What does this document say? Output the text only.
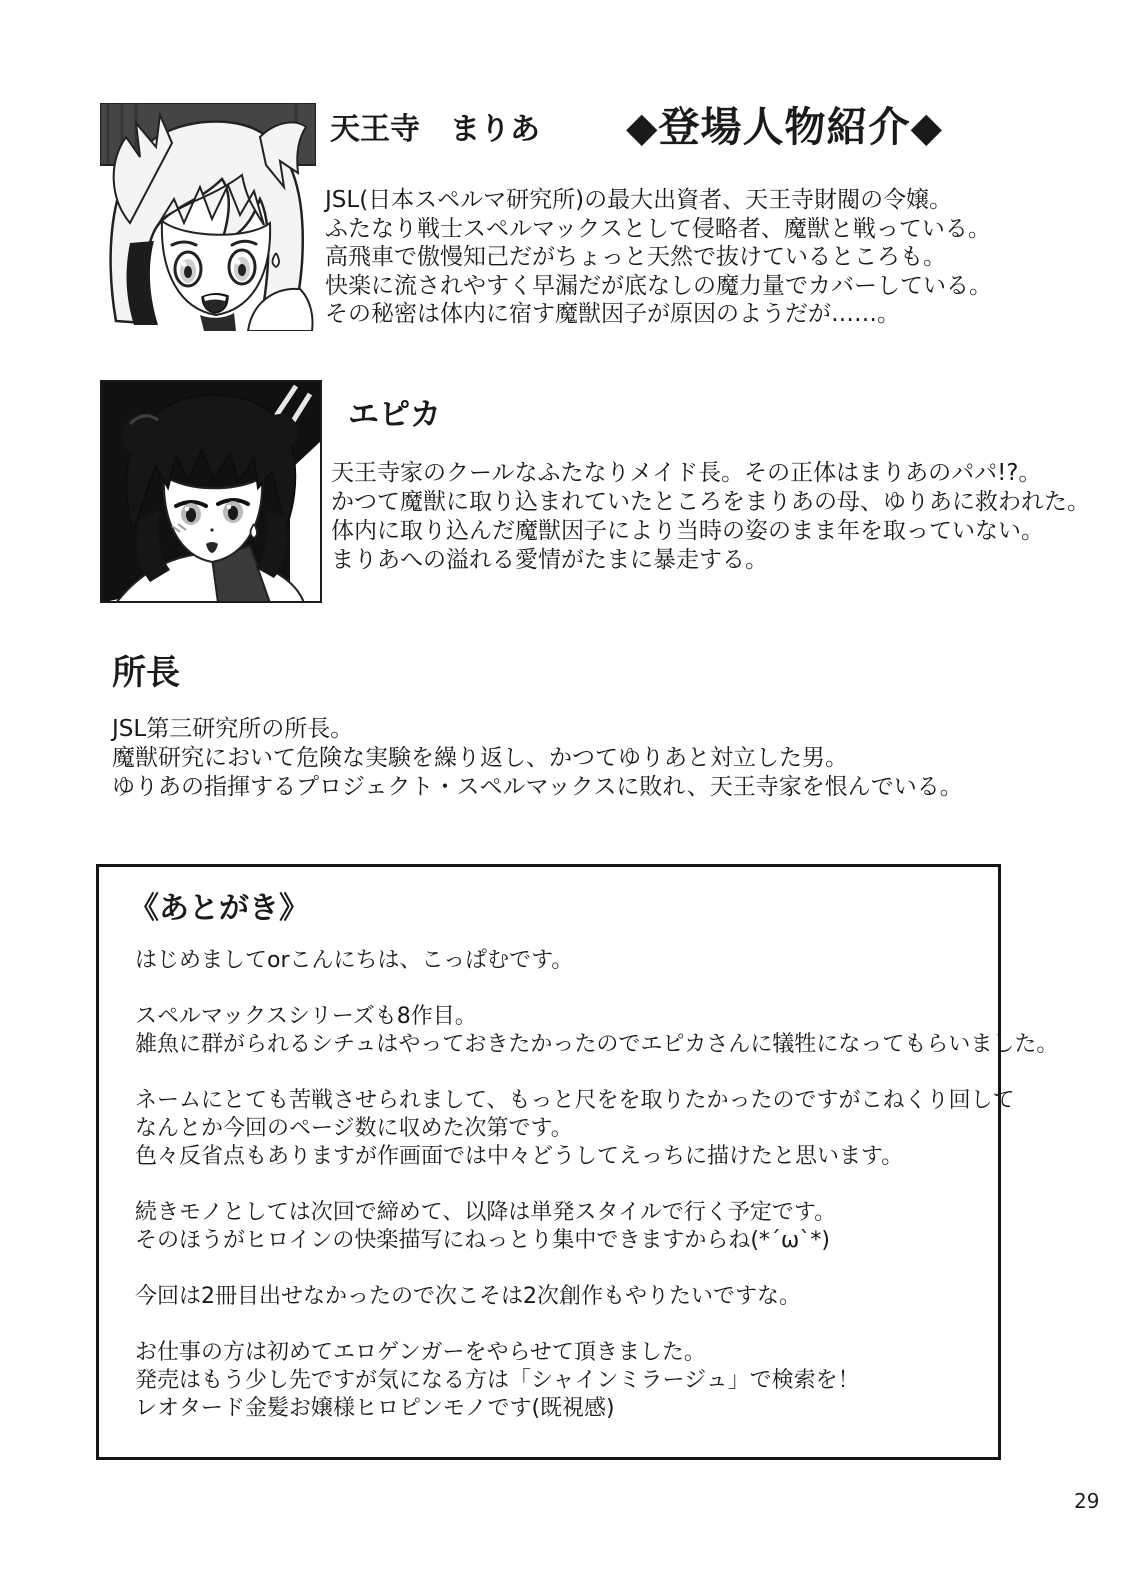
◆登場人物紹介◆
天王寺　まりあ
JSL(日本スペルマ研究所)の最大出資者、天王寺財閥の令嬢。
ふたなり戦士スペルマックスとして侵略者、魔獣と戦っている。
高飛車で傲慢知己だがちょっと天然で抜けているところも。
快楽に流されやすく早漏だが底なしの魔力量でカバーしている。
その秘密は体内に宿す魔獣因子が原因のようだが……。
エピカ
天王寺家のクールなふたなりメイド長。その正体はまりあのパパ!?。
かつて魔獣に取り込まれていたところをまりあの母、ゆりあに救われた。
体内に取り込んだ魔獣因子により当時の姿のまま年を取っていない。
まりあへの溢れる愛情がたまに暴走する。
所長
JSL第三研究所の所長。
魔獣研究において危険な実験を繰り返し、かつてゆりあと対立した男。
ゆりあの指揮するプロジェクト・スペルマックスに敗れ、天王寺家を恨んでいる。
《あとがき》

はじめましてorこんにちは、こっぱむです。

スペルマックスシリーズも8作目。
雑魚に群がられるシチュはやっておきたかったのでエピカさんに犠牲になってもらいました。

ネームにとても苦戦させられまして、もっと尺をを取りたかったのですがこねくり回して
なんとか今回のページ数に収めた次第です。
色々反省点もありますが作画面では中々どうしてえっちに描けたと思います。

続きモノとしては次回で締めて、以降は単発スタイルで行く予定です。
そのほうがヒロインの快楽描写にねっとり集中できますからね(*´ω`*)

今回は2冊目出せなかったので次こそは2次創作もやりたいですな。

お仕事の方は初めてエロゲンガーをやらせて頂きました。
発売はもう少し先ですが気になる方は「シャインミラージュ」で検索を！
レオタード金髪お嬢様ヒロピンモノです(既視感)

29
